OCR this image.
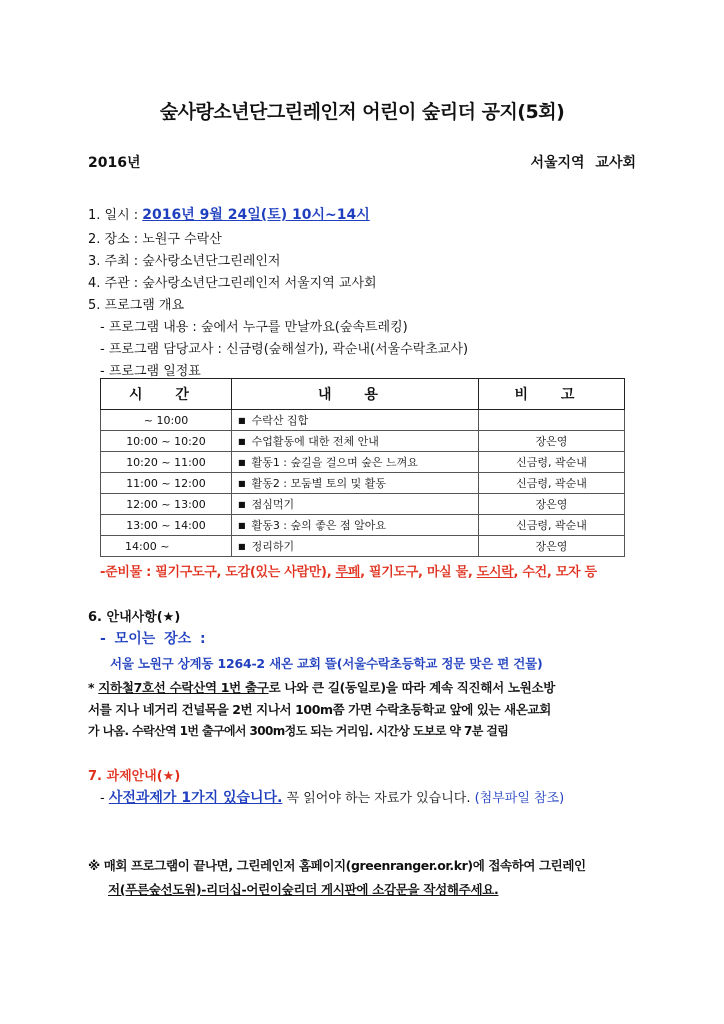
숲사랑소년단그린레인저 어린이 숲리더 공지(5회)
2016년	서울지역 교사회
1. 일시 : 2016년 9월 24일(토) 10시~14시
2. 장소 : 노원구 수락산
3. 주최 : 숲사랑소년단그린레인저
4. 주관 : 숲사랑소년단그린레인저 서울지역 교사회
5. 프로그램 개요
- 프로그램 내용 : 숲에서 누구를 만날까요(숲속트레킹)
- 프로그램 담당교사 : 신금령(숲해설가), 곽순내(서울수락초교사)
- 프로그램 일정표
시 간	내 용	비 고
~ 10:00	■ 수락산 집합	
10:00 ~ 10:20	■ 수업활동에 대한 전체 안내	장은영
10:20 ~ 11:00	■ 활동1 : 숲길을 걸으며 숲은 느껴요	신금령, 곽순내
11:00 ~ 12:00	■ 활동2 : 모둠별 토의 및 활동	신금령, 곽순내
12:00 ~ 13:00	■ 점심먹기	장은영
13:00 ~ 14:00	■ 활동3 : 숲의 좋은 점 알아요	신금령, 곽순내
14:00 ~	■ 정리하기	장은영
-준비물 : 필기구도구, 도감(있는 사람만), 루페, 필기도구, 마실 물, 도시락, 수건, 모자 등
6. 안내사항(★)
- 모이는 장소 :
서울 노원구 상계동 1264-2 새온 교회 뜰(서울수락초등학교 정문 맞은 편 건물)
* 지하철7호선 수락산역 1번 출구로 나와 큰 길(동일로)을 따라 계속 직진해서 노원소방
서를 지나 네거리 건널목을 2번 지나서 100m쯤 가면 수락초등학교 앞에 있는 새온교회
가 나옴. 수락산역 1번 출구에서 300m정도 되는 거리임. 시간상 도보로 약 7분 걸림
7. 과제안내(★)
- 사전과제가 1가지 있습니다. 꼭 읽어야 하는 자료가 있습니다. (첨부파일 참조)
※ 매회 프로그램이 끝나면, 그린레인저 홈페이지(greenranger.or.kr)에 접속하여 그린레인
저(푸른숲선도원)-리더십-어린이숲리더 게시판에 소감문을 작성해주세요.
